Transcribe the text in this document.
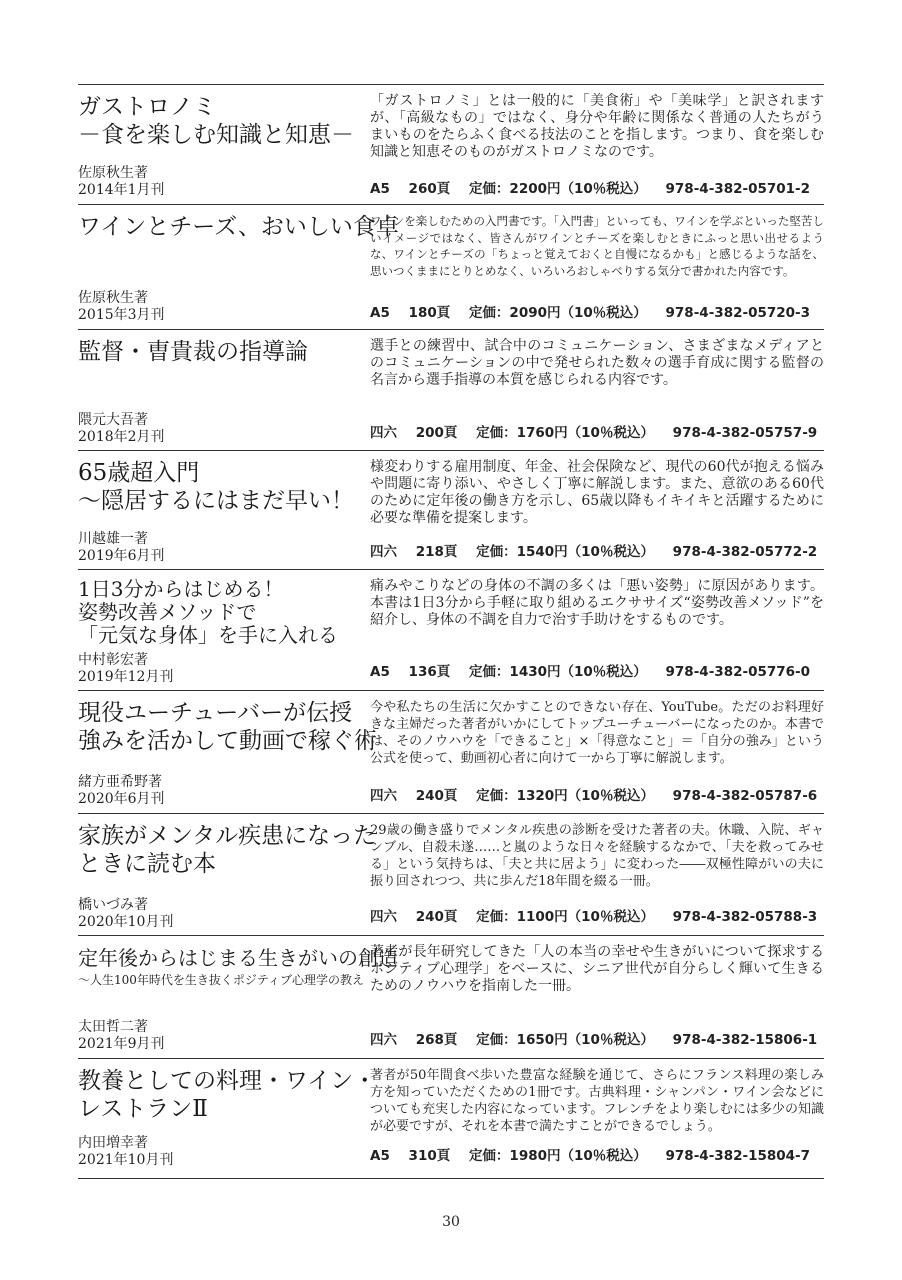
ガストロノミ
－食を楽しむ知識と知恵－
佐原秋生著
2014年1月刊
「ガストロノミ」とは一般的に「美食術」や「美味学」と訳されますが、「高級なもの」ではなく、身分や年齢に関係なく普通の人たちがうまいものをたらふく食べる技法のことを指します。つまり、食を楽しむ知識と知恵そのものがガストロノミなのです。
A5 260頁 定価：2200円（10％税込） 978-4-382-05701-2
ワインとチーズ、おいしい食卓
佐原秋生著
2015年3月刊
ワインを楽しむための入門書です。「入門書」といっても、ワインを学ぶといった堅苦しいイメージではなく、皆さんがワインとチーズを楽しむときにふっと思い出せるような、ワインとチーズの「ちょっと覚えておくと自慢になるかも」と感じるような話を、思いつくままにとりとめなく、いろいろおしゃべりする気分で書かれた内容です。
A5 180頁 定価：2090円（10％税込） 978-4-382-05720-3
監督・曺貴裁の指導論
隈元大吾著
2018年2月刊
選手との練習中、試合中のコミュニケーション、さまざまなメディアとのコミュニケーションの中で発せられた数々の選手育成に関する監督の名言から選手指導の本質を感じられる内容です。
四六 200頁 定価：1760円（10％税込） 978-4-382-05757-9
65歳超入門
～隠居するにはまだ早い！
川越雄一著
2019年6月刊
様変わりする雇用制度、年金、社会保険など、現代の60代が抱える悩みや問題に寄り添い、やさしく丁寧に解説します。また、意欲のある60代のために定年後の働き方を示し、65歳以降もイキイキと活躍するために必要な準備を提案します。
四六 218頁 定価：1540円（10％税込） 978-4-382-05772-2
1日3分からはじめる！
姿勢改善メソッドで
「元気な身体」を手に入れる
中村彰宏著
2019年12月刊
痛みやこりなどの身体の不調の多くは「悪い姿勢」に原因があります。本書は1日3分から手軽に取り組めるエクササイズ“姿勢改善メソッド”を紹介し、身体の不調を自力で治す手助けをするものです。
A5 136頁 定価：1430円（10％税込） 978-4-382-05776-0
現役ユーチューバーが伝授
強みを活かして動画で稼ぐ術
緒方亜希野著
2020年6月刊
今や私たちの生活に欠かすことのできない存在、YouTube。ただのお料理好きな主婦だった著者がいかにしてトップユーチューバーになったのか。本書では、そのノウハウを「できること」×「得意なこと」＝「自分の強み」という公式を使って、動画初心者に向けて一から丁寧に解説します。
四六 240頁 定価：1320円（10％税込） 978-4-382-05787-6
家族がメンタル疾患になった
ときに読む本
橋いづみ著
2020年10月刊
29歳の働き盛りでメンタル疾患の診断を受けた著者の夫。休職、入院、ギャンブル、自殺未遂……と嵐のような日々を経験するなかで、「夫を救ってみせる」という気持ちは、「夫と共に居よう」に変わった――双極性障がいの夫に振り回されつつ、共に歩んだ18年間を綴る一冊。
四六 240頁 定価：1100円（10％税込） 978-4-382-05788-3
定年後からはじまる生きがいの創造
～人生100年時代を生き抜くポジティブ心理学の教え
太田哲二著
2021年9月刊
著者が長年研究してきた「人の本当の幸せや生きがいについて探求するポジティブ心理学」をベースに、シニア世代が自分らしく輝いて生きるためのノウハウを指南した一冊。
四六 268頁 定価：1650円（10％税込） 978-4-382-15806-1
教養としての料理・ワイン・
レストランⅡ
内田増幸著
2021年10月刊
著者が50年間食べ歩いた豊富な経験を通じて、さらにフランス料理の楽しみ方を知っていただくための1冊です。古典料理・シャンパン・ワイン会などについても充実した内容になっています。フレンチをより楽しむには多少の知識が必要ですが、それを本書で満たすことができるでしょう。
A5 310頁 定価：1980円（10％税込） 978-4-382-15804-7
30
